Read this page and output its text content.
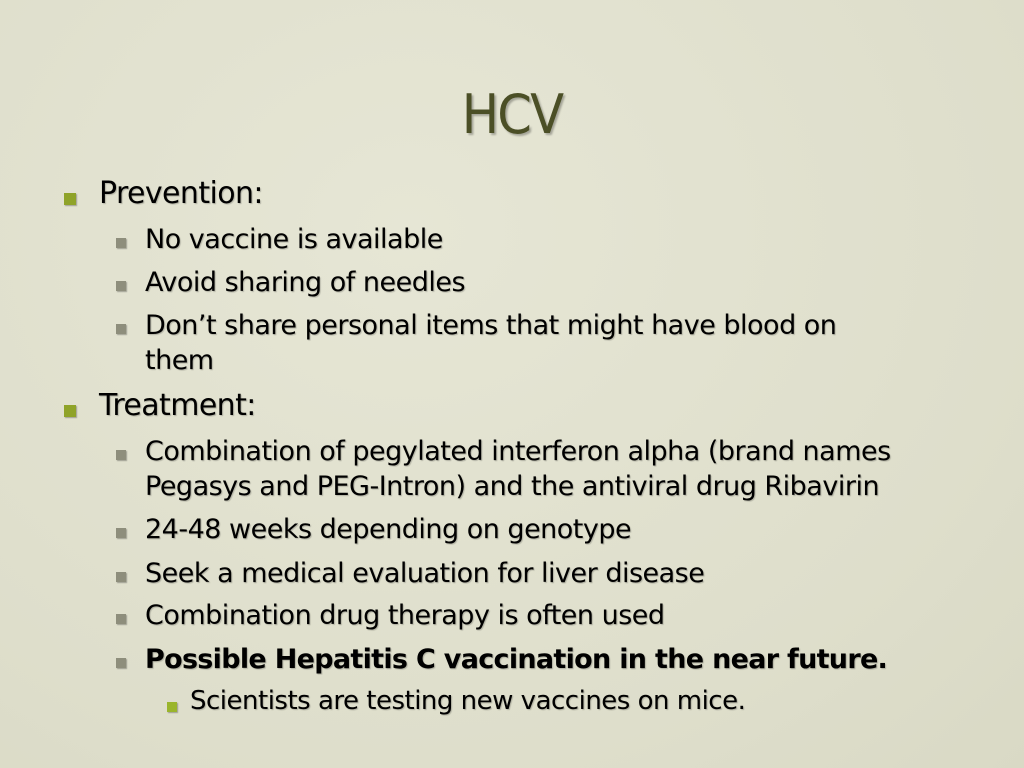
HCV
Prevention:
No vaccine is available
Avoid sharing of needles
Don’t share personal items that might have blood on
them
Treatment:
Combination of pegylated interferon alpha (brand names
Pegasys and PEG-Intron) and the antiviral drug Ribavirin
24-48 weeks depending on genotype
Seek a medical evaluation for liver disease
Combination drug therapy is often used
Possible Hepatitis C vaccination in the near future.
Scientists are testing new vaccines on mice.
